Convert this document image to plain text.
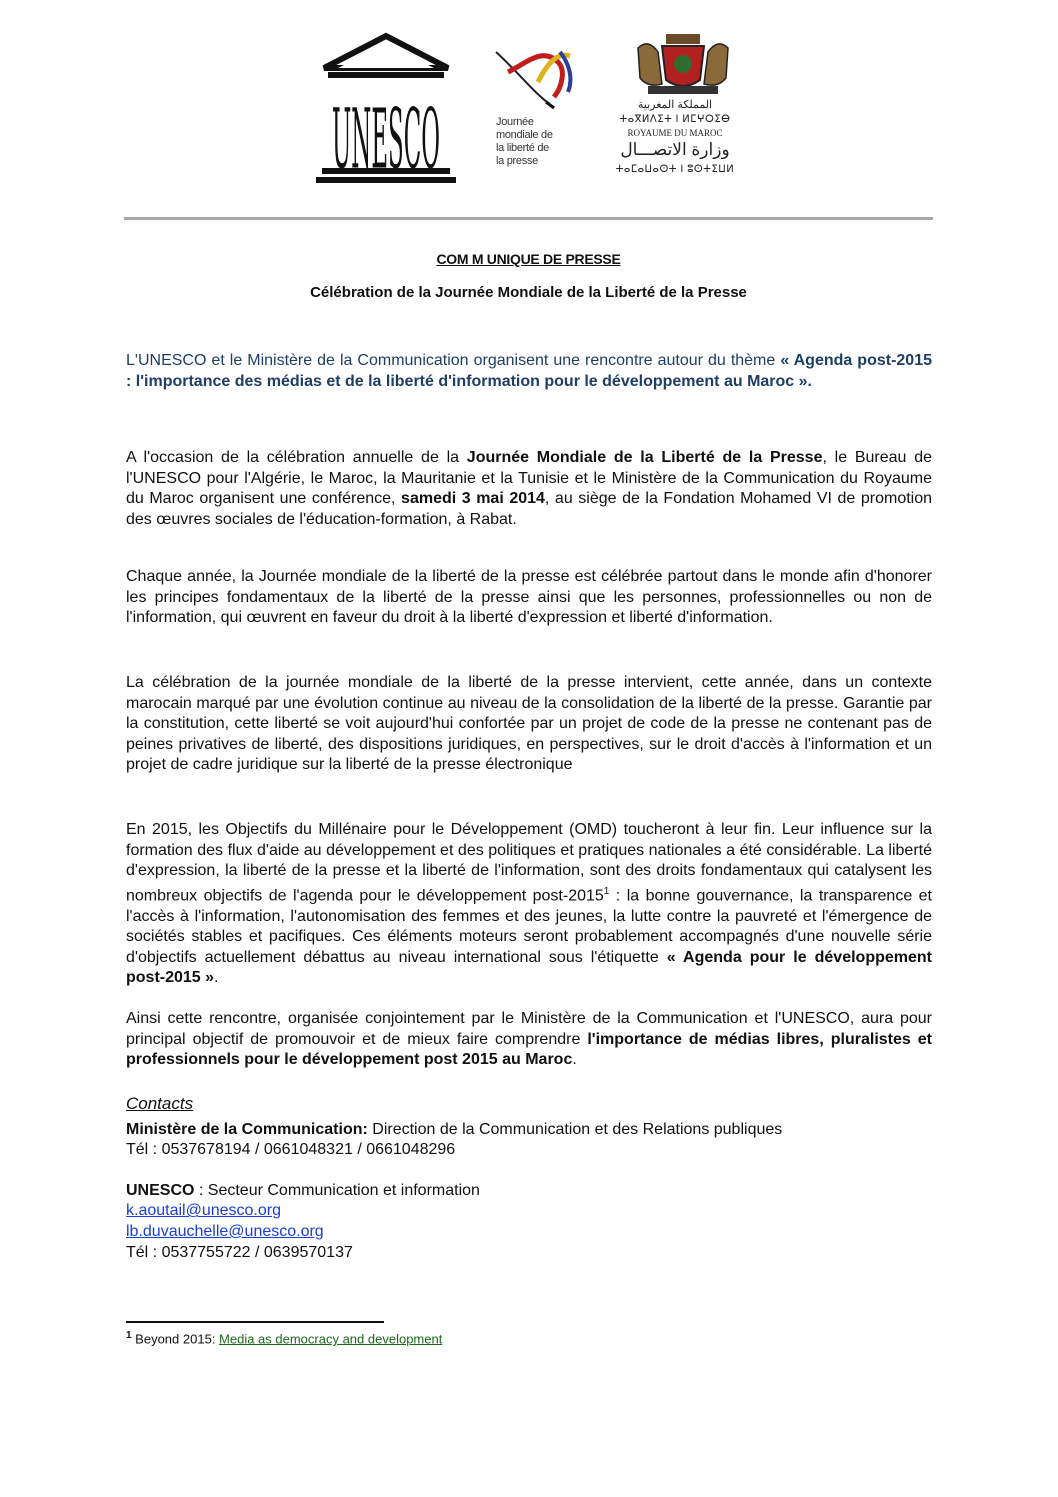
UNESCO	Journée
mondiale de
la liberté de
la presse
المملكة المغربية
ⵜⴰⴳⵍⴷⵉⵜ ⵏ ⵍⵎⵖⵔⵉⴱ
ROYAUME DU MAROC
وزارة الاتصـــال
ⵜⴰⵎⴰⵡⴰⵙⵜ ⵏ ⵓⵙⵜⵉⵡⵍ
COM M UNIQUE DE PRESSE
Célébration de la Journée Mondiale de la Liberté de la Presse
L'UNESCO et le Ministère de la Communication organisent une rencontre autour du thème « Agenda post-2015 : l'importance des médias et de la liberté d'information pour le développement au Maroc ».
A l'occasion de la célébration annuelle de la Journée Mondiale de la Liberté de la Presse, le Bureau de l'UNESCO pour l'Algérie, le Maroc, la Mauritanie et la Tunisie et le Ministère de la Communication du Royaume du Maroc organisent une conférence, samedi 3 mai 2014, au siège de la Fondation Mohamed VI de promotion des œuvres sociales de l'éducation-formation, à Rabat.
Chaque année, la Journée mondiale de la liberté de la presse est célébrée partout dans le monde afin d'honorer les principes fondamentaux de la liberté de la presse ainsi que les personnes, professionnelles ou non de l'information, qui œuvrent en faveur du droit à la liberté d'expression et liberté d'information.
La célébration de la journée mondiale de la liberté de la presse intervient, cette année, dans un contexte marocain marqué par une évolution continue au niveau de la consolidation de la liberté de la presse. Garantie par la constitution, cette liberté se voit aujourd'hui confortée par un projet de code de la presse ne contenant pas de peines privatives de liberté, des dispositions juridiques, en perspectives, sur le droit d'accès à l'information et un projet de cadre juridique sur la liberté de la presse électronique
En 2015, les Objectifs du Millénaire pour le Développement (OMD) toucheront à leur fin. Leur influence sur la formation des flux d'aide au développement et des politiques et pratiques nationales a été considérable. La liberté d'expression, la liberté de la presse et la liberté de l'information, sont des droits fondamentaux qui catalysent les nombreux objectifs de l'agenda pour le développement post-2015$^1$ : la bonne gouvernance, la transparence et l'accès à l'information, l'autonomisation des femmes et des jeunes, la lutte contre la pauvreté et l'émergence de sociétés stables et pacifiques. Ces éléments moteurs seront probablement accompagnés d'une nouvelle série d'objectifs actuellement débattus au niveau international sous l'étiquette « Agenda pour le développement post-2015 ».
Ainsi cette rencontre, organisée conjointement par le Ministère de la Communication et l'UNESCO, aura pour principal objectif de promouvoir et de mieux faire comprendre l'importance de médias libres, pluralistes et professionnels pour le développement post 2015 au Maroc.
Contacts
Ministère de la Communication: Direction de la Communication et des Relations publiques
Tél : 0537678194 / 0661048321 / 0661048296
UNESCO : Secteur Communication et information
k.aoutail@unesco.org
lb.duvauchelle@unesco.org
Tél : 0537755722 / 0639570137
$^1$ Beyond 2015: Media as democracy and development
